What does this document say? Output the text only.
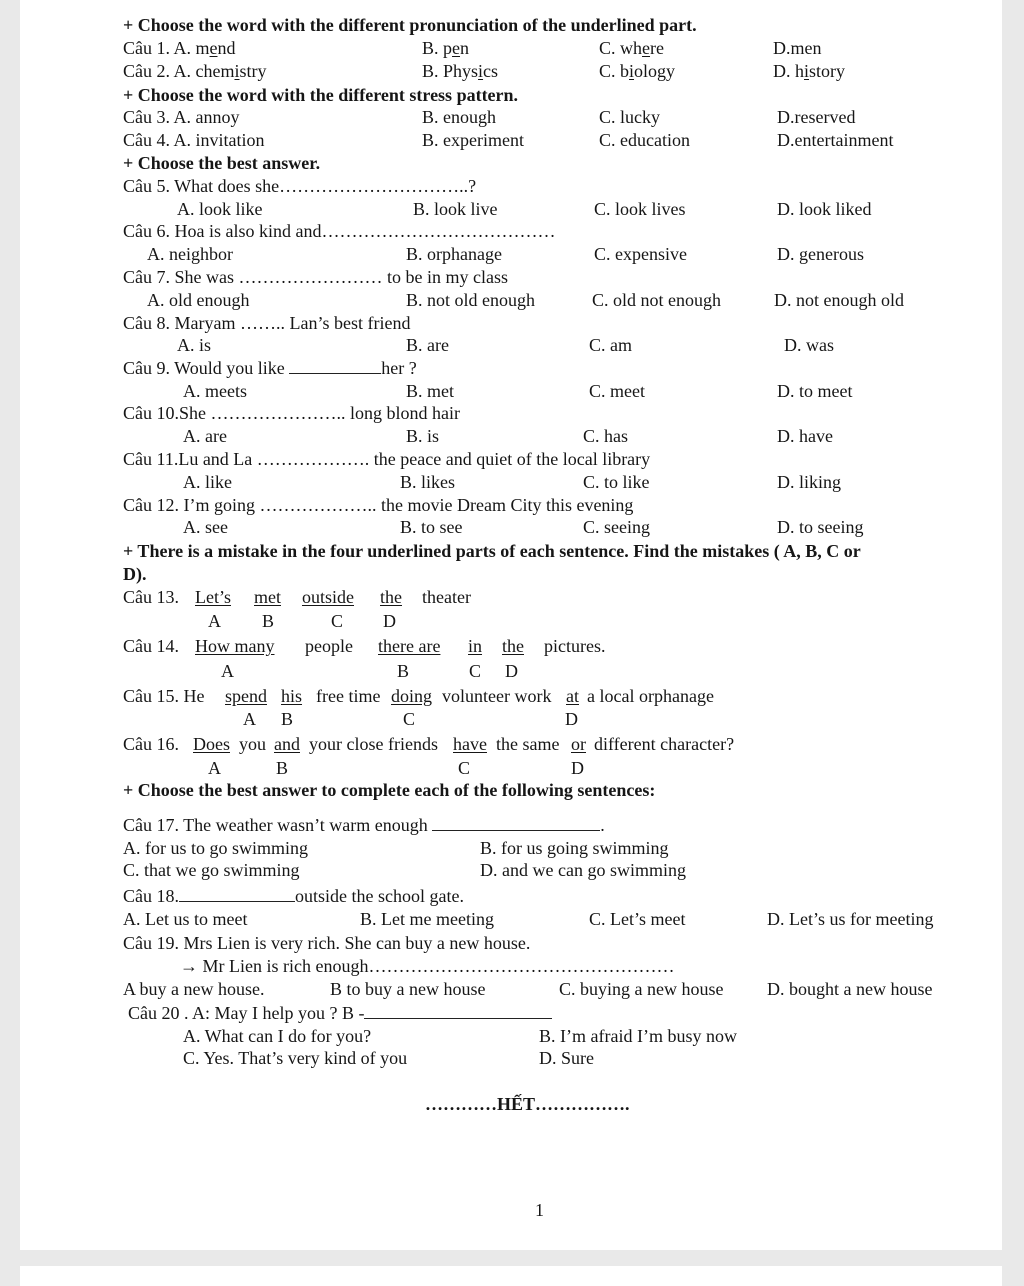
+ Choose the word with the different pronunciation of the underlined part.
Câu 1. A. mend	B. pen	C. where	D.men
Câu 2. A. chemistry	B. Physics	C. biology	D. history
+ Choose the word with the different stress pattern.
Câu 3. A. annoy	B. enough	C. lucky	D.reserved
Câu 4. A. invitation	B. experiment	C. education	D.entertainment
+ Choose the best answer.
Câu 5. What does she…………………………..?
A. look like	B. look live	C. look lives	D. look liked
Câu 6. Hoa is also kind and…………………………………
A. neighbor	B. orphanage	C. expensive	D. generous
Câu 7. She was …………………… to be in my class
A. old enough	B. not old enough	C. old not enough	D. not enough old
Câu 8. Maryam …….. Lan’s best friend
A. is	B. are	C. am	D. was
Câu 9. Would you like	her ?
A. meets	B. met	C. meet	D. to meet
Câu 10.She ………………….. long blond hair
A. are	B. is	C. has	D. have
Câu 11.Lu and La ………………. the peace and quiet of the local library
A. like	B. likes	C. to like	D. liking
Câu 12. I’m going ……………….. the movie Dream City this evening
A. see	B. to see	C. seeing	D. to seeing
+ There is a mistake in the four underlined parts of each sentence. Find the mistakes ( A, B, C or
D).
Câu 13. Let’s met outside the theater
A B	C D
Câu 14. How many people there are in the pictures.
A	B	C D
Câu 15. He spend his free time doing volunteer work at a local orphanage
A B	C	D
Câu 16. Does you and your close friends have the same or different character?
A	B	C	D
+ Choose the best answer to complete each of the following sentences:
Câu 17. The weather wasn’t warm enough	.
A. for us to go swimming	B. for us going swimming
C. that we go swimming	D. and we can go swimming
Câu 18.	outside the school gate.
A. Let us to meet	B. Let me meeting	C. Let’s meet	D. Let’s us for meeting
Câu 19. Mrs Lien is very rich. She can buy a new house.
→ Mr Lien is rich enough……………………………………………
A buy a new house.	B to buy a new house	C. buying a new house D. bought a new house
Câu 20 . A: May I help you ? B -
A. What can I do for you?	B. I’m afraid I’m busy now
C. Yes. That’s very kind of you	D. Sure
…………HẾT…………….
1
